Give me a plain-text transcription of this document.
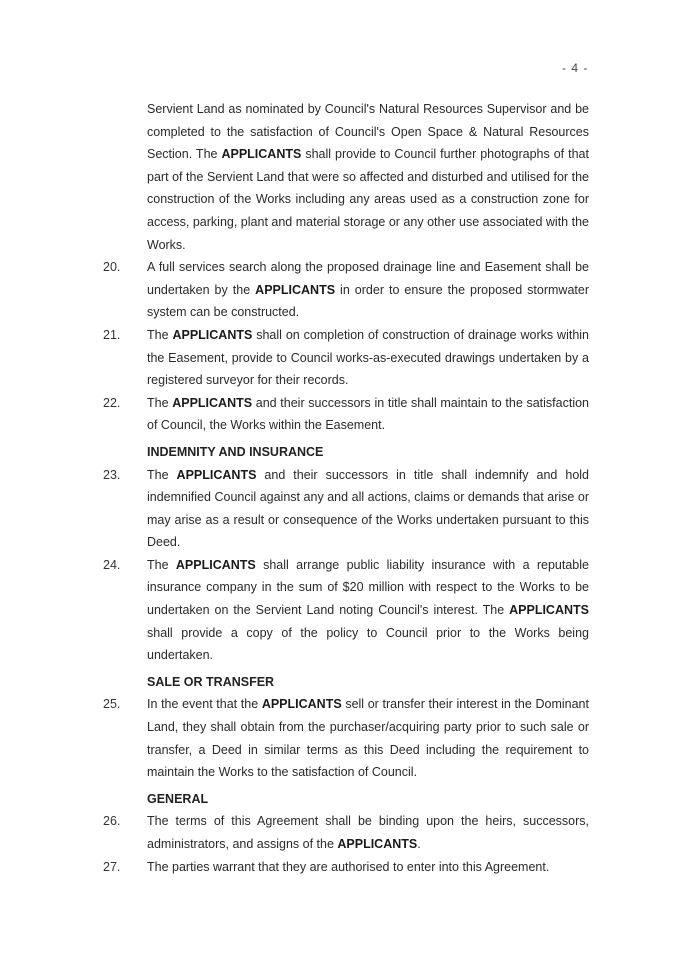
- 4 -

Servient Land as nominated by Council's Natural Resources Supervisor and be completed to the satisfaction of Council's Open Space & Natural Resources Section. The APPLICANTS shall provide to Council further photographs of that part of the Servient Land that were so affected and disturbed and utilised for the construction of the Works including any areas used as a construction zone for access, parking, plant and material storage or any other use associated with the Works.

20.	A full services search along the proposed drainage line and Easement shall be undertaken by the APPLICANTS in order to ensure the proposed stormwater system can be constructed.
21.	The APPLICANTS shall on completion of construction of drainage works within the Easement, provide to Council works-as-executed drawings undertaken by a registered surveyor for their records.
22.	The APPLICANTS and their successors in title shall maintain to the satisfaction of Council, the Works within the Easement.
INDEMNITY AND INSURANCE
23.	The APPLICANTS and their successors in title shall indemnify and hold indemnified Council against any and all actions, claims or demands that arise or may arise as a result or consequence of the Works undertaken pursuant to this Deed.
24.	The APPLICANTS shall arrange public liability insurance with a reputable insurance company in the sum of $20 million with respect to the Works to be undertaken on the Servient Land noting Council's interest. The APPLICANTS shall provide a copy of the policy to Council prior to the Works being undertaken.
SALE OR TRANSFER
25.	In the event that the APPLICANTS sell or transfer their interest in the Dominant Land, they shall obtain from the purchaser/acquiring party prior to such sale or transfer, a Deed in similar terms as this Deed including the requirement to maintain the Works to the satisfaction of Council.
GENERAL
26.	The terms of this Agreement shall be binding upon the heirs, successors, administrators, and assigns of the APPLICANTS.
27.	The parties warrant that they are authorised to enter into this Agreement.
